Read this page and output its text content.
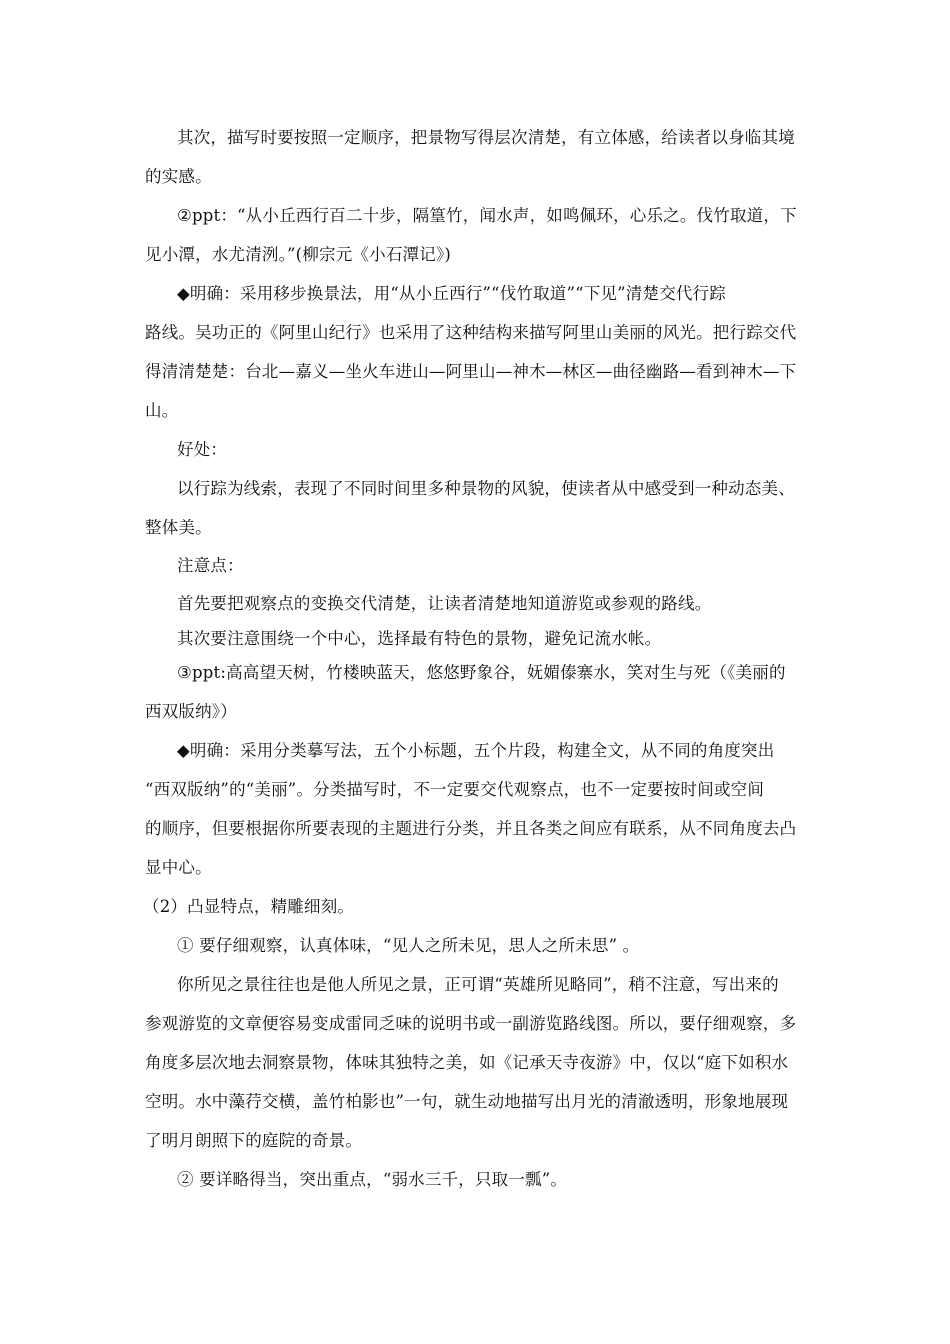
其次，描写时要按照一定顺序，把景物写得层次清楚，有立体感，给读者以身临其境
的实感。
②ppt：“从小丘西行百二十步，隔篁竹，闻水声，如鸣佩环，心乐之。伐竹取道，下
见小潭，水尤清洌。”(柳宗元《小石潭记》)
◆明确：采用移步换景法，用“从小丘西行”“伐竹取道”“下见”清楚交代行踪
路线。吴功正的《阿里山纪行》也采用了这种结构来描写阿里山美丽的风光。把行踪交代
得清清楚楚：台北—嘉义—坐火车进山—阿里山—神木—林区—曲径幽路—看到神木—下
山。
好处：
以行踪为线索，表现了不同时间里多种景物的风貌，使读者从中感受到一种动态美、
整体美。
注意点：
首先要把观察点的变换交代清楚，让读者清楚地知道游览或参观的路线。
其次要注意围绕一个中心，选择最有特色的景物，避免记流水帐。
③ppt:高高望天树，竹楼映蓝天，悠悠野象谷，妩媚傣寨水，笑对生与死（《美丽的
西双版纳》）
◆明确：采用分类摹写法，五个小标题，五个片段，构建全文，从不同的角度突出
“西双版纳”的“美丽”。分类描写时，不一定要交代观察点，也不一定要按时间或空间
的顺序，但要根据你所要表现的主题进行分类，并且各类之间应有联系，从不同角度去凸
显中心。
（2）凸显特点，精雕细刻。
① 要仔细观察，认真体味，“见人之所未见，思人之所未思” 。
你所见之景往往也是他人所见之景，正可谓“英雄所见略同”，稍不注意，写出来的
参观游览的文章便容易变成雷同乏味的说明书或一副游览路线图。所以，要仔细观察，多
角度多层次地去洞察景物，体味其独特之美，如《记承天寺夜游》中，仅以“庭下如积水
空明。水中藻荇交横，盖竹柏影也”一句，就生动地描写出月光的清澈透明，形象地展现
了明月朗照下的庭院的奇景。
② 要详略得当，突出重点，“弱水三千，只取一瓢”。
